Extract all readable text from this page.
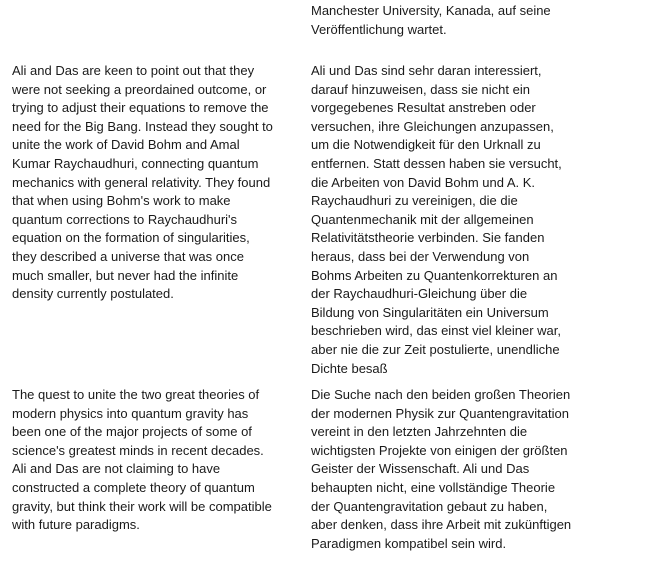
Manchester University, Kanada, auf seine Veröffentlichung wartet.

Ali and Das are keen to point out that they were not seeking a preordained outcome, or trying to adjust their equations to remove the need for the Big Bang. Instead they sought to unite the work of David Bohm and Amal Kumar Raychaudhuri, connecting quantum mechanics with general relativity. They found that when using Bohm's work to make quantum corrections to Raychaudhuri's equation on the formation of singularities, they described a universe that was once much smaller, but never had the infinite density currently postulated.

Ali und Das sind sehr daran interessiert, darauf hinzuweisen, dass sie nicht ein vorgegebenes Resultat anstreben oder versuchen, ihre Gleichungen anzupassen, um die Notwendigkeit für den Urknall zu entfernen. Statt dessen haben sie versucht, die Arbeiten von David Bohm und A. K. Raychaudhuri zu vereinigen, die die Quantenmechanik mit der allgemeinen Relativitätstheorie verbinden. Sie fanden heraus, dass bei der Verwendung von Bohms Arbeiten zu Quantenkorrekturen an der Raychaudhuri-Gleichung über die Bildung von Singularitäten ein Universum beschrieben wird, das einst viel kleiner war, aber nie die zur Zeit postulierte, unendliche Dichte besaß

The quest to unite the two great theories of modern physics into quantum gravity has been one of the major projects of some of science's greatest minds in recent decades. Ali and Das are not claiming to have constructed a complete theory of quantum gravity, but think their work will be compatible with future paradigms.

Die Suche nach den beiden großen Theorien der modernen Physik zur Quantengravitation vereint in den letzten Jahrzehnten die wichtigsten Projekte von einigen der größten Geister der Wissenschaft. Ali und Das behaupten nicht, eine vollständige Theorie der Quantengravitation gebaut zu haben, aber denken, dass ihre Arbeit mit zukünftigen Paradigmen kompatibel sein wird.
